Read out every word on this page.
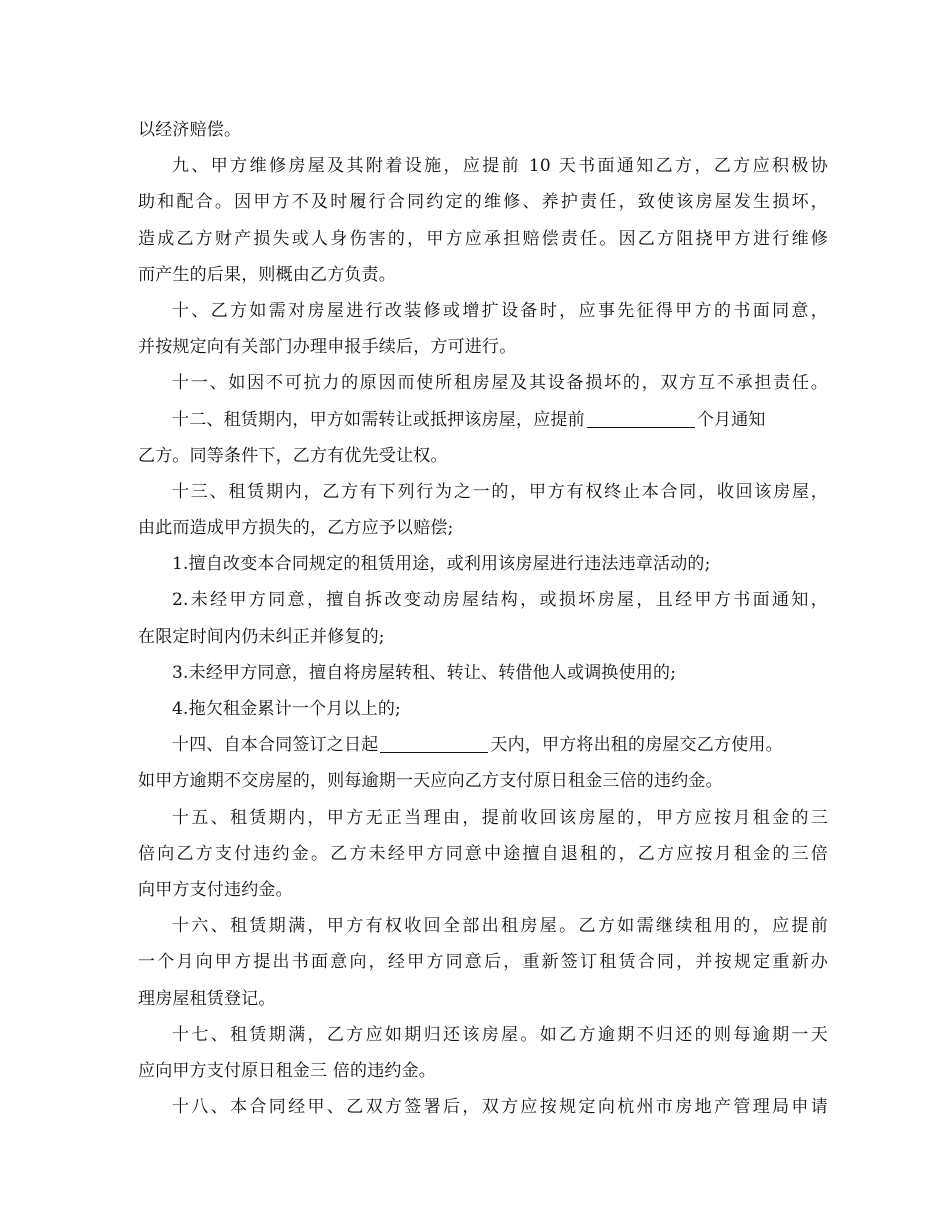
以经济赔偿。
九、甲方维修房屋及其附着设施，应提前 10 天书面通知乙方，乙方应积极协
助和配合。因甲方不及时履行合同约定的维修、养护责任，致使该房屋发生损坏，
造成乙方财产损失或人身伤害的，甲方应承担赔偿责任。因乙方阻挠甲方进行维修
而产生的后果，则概由乙方负责。
十、乙方如需对房屋进行改装修或增扩设备时，应事先征得甲方的书面同意，
并按规定向有关部门办理申报手续后，方可进行。
十一、如因不可抗力的原因而使所租房屋及其设备损坏的，双方互不承担责任。
十二、租赁期内，甲方如需转让或抵押该房屋，应提前	个月通知
乙方。同等条件下，乙方有优先受让权。
十三、租赁期内，乙方有下列行为之一的，甲方有权终止本合同，收回该房屋，
由此而造成甲方损失的，乙方应予以赔偿;
1.擅自改变本合同规定的租赁用途，或利用该房屋进行违法违章活动的;
2.未经甲方同意，擅自拆改变动房屋结构，或损坏房屋，且经甲方书面通知，
在限定时间内仍未纠正并修复的;
3.未经甲方同意，擅自将房屋转租、转让、转借他人或调换使用的;
4.拖欠租金累计一个月以上的;
十四、自本合同签订之日起	天内，甲方将出租的房屋交乙方使用。
如甲方逾期不交房屋的，则每逾期一天应向乙方支付原日租金三倍的违约金。
十五、租赁期内，甲方无正当理由，提前收回该房屋的，甲方应按月租金的三
倍向乙方支付违约金。乙方未经甲方同意中途擅自退租的，乙方应按月租金的三倍
向甲方支付违约金。
十六、租赁期满，甲方有权收回全部出租房屋。乙方如需继续租用的，应提前
一个月向甲方提出书面意向，经甲方同意后，重新签订租赁合同，并按规定重新办
理房屋租赁登记。
十七、租赁期满，乙方应如期归还该房屋。如乙方逾期不归还的则每逾期一天
应向甲方支付原日租金三 倍的违约金。
十八、本合同经甲、乙双方签署后，双方应按规定向杭州市房地产管理局申请
